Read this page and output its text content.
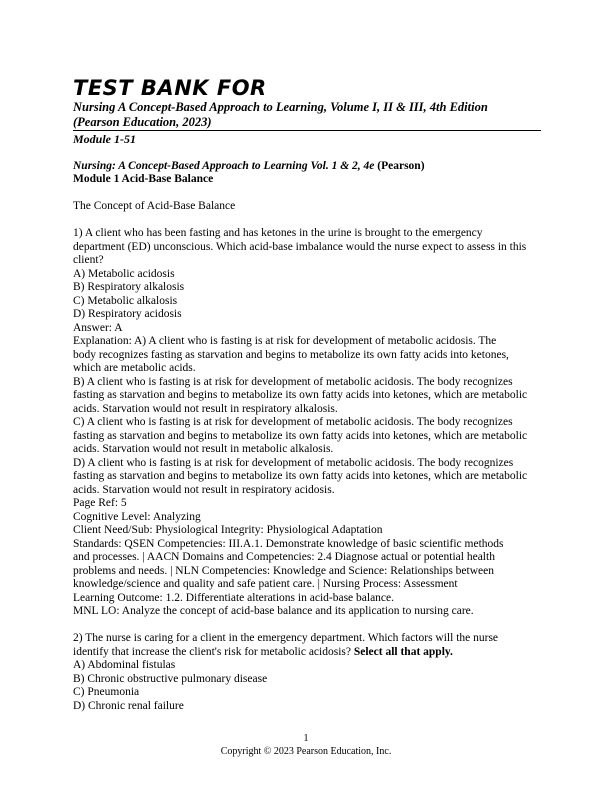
TEST BANK FOR

Nursing A Concept-Based Approach to Learning, Volume I, II & III, 4th Edition

(Pearson Education, 2023)

Module 1-51

Nursing: A Concept-Based Approach to Learning Vol. 1 & 2, 4e (Pearson)

Module 1 Acid-Base Balance

The Concept of Acid-Base Balance

1) A client who has been fasting and has ketones in the urine is brought to the emergency

department (ED) unconscious. Which acid-base imbalance would the nurse expect to assess in this

client?

A) Metabolic acidosis

B) Respiratory alkalosis

C) Metabolic alkalosis

D) Respiratory acidosis

Answer: A

Explanation: A) A client who is fasting is at risk for development of metabolic acidosis. The

body recognizes fasting as starvation and begins to metabolize its own fatty acids into ketones,

which are metabolic acids.

B) A client who is fasting is at risk for development of metabolic acidosis. The body recognizes

fasting as starvation and begins to metabolize its own fatty acids into ketones, which are metabolic

acids. Starvation would not result in respiratory alkalosis.

C) A client who is fasting is at risk for development of metabolic acidosis. The body recognizes

fasting as starvation and begins to metabolize its own fatty acids into ketones, which are metabolic

acids. Starvation would not result in metabolic alkalosis.

D) A client who is fasting is at risk for development of metabolic acidosis. The body recognizes

fasting as starvation and begins to metabolize its own fatty acids into ketones, which are metabolic

acids. Starvation would not result in respiratory acidosis.

Page Ref: 5

Cognitive Level: Analyzing

Client Need/Sub: Physiological Integrity: Physiological Adaptation

Standards: QSEN Competencies: III.A.1. Demonstrate knowledge of basic scientific methods

and processes. | AACN Domains and Competencies: 2.4 Diagnose actual or potential health

problems and needs. | NLN Competencies: Knowledge and Science: Relationships between

knowledge/science and quality and safe patient care. | Nursing Process: Assessment

Learning Outcome: 1.2. Differentiate alterations in acid-base balance.

MNL LO: Analyze the concept of acid-base balance and its application to nursing care.

2) The nurse is caring for a client in the emergency department. Which factors will the nurse

identify that increase the client's risk for metabolic acidosis? Select all that apply.

A) Abdominal fistulas

B) Chronic obstructive pulmonary disease

C) Pneumonia

D) Chronic renal failure

1
Copyright © 2023 Pearson Education, Inc.
